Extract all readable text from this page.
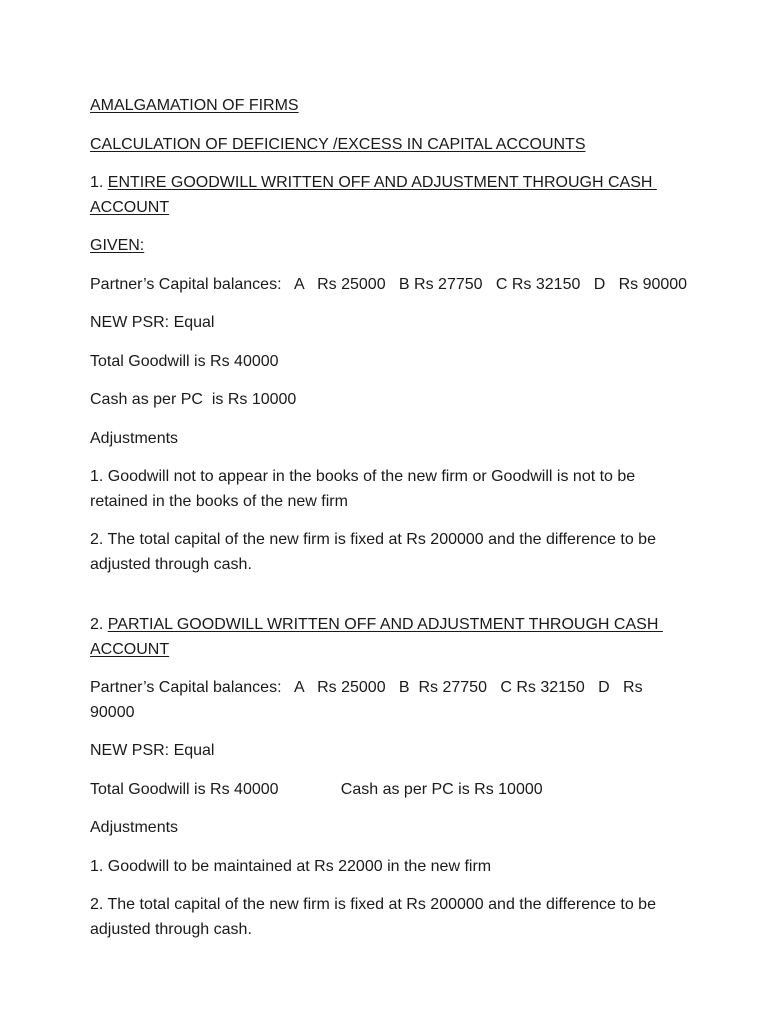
AMALGAMATION OF FIRMS

CALCULATION OF DEFICIENCY /EXCESS IN CAPITAL ACCOUNTS

1. ENTIRE GOODWILL WRITTEN OFF AND ADJUSTMENT THROUGH CASH
ACCOUNT

GIVEN:

Partner’s Capital balances:   A   Rs 25000   B Rs 27750   C Rs 32150   D   Rs 90000

NEW PSR: Equal

Total Goodwill is Rs 40000

Cash as per PC  is Rs 10000

Adjustments

1. Goodwill not to appear in the books of the new firm or Goodwill is not to be
retained in the books of the new firm

2. The total capital of the new firm is fixed at Rs 200000 and the difference to be
adjusted through cash.

2. PARTIAL GOODWILL WRITTEN OFF AND ADJUSTMENT THROUGH CASH
ACCOUNT

Partner’s Capital balances:   A   Rs 25000   B  Rs 27750   C Rs 32150   D   Rs 90000

NEW PSR: Equal

Total Goodwill is Rs 40000              Cash as per PC is Rs 10000

Adjustments

1. Goodwill to be maintained at Rs 22000 in the new firm

2. The total capital of the new firm is fixed at Rs 200000 and the difference to be
adjusted through cash.
